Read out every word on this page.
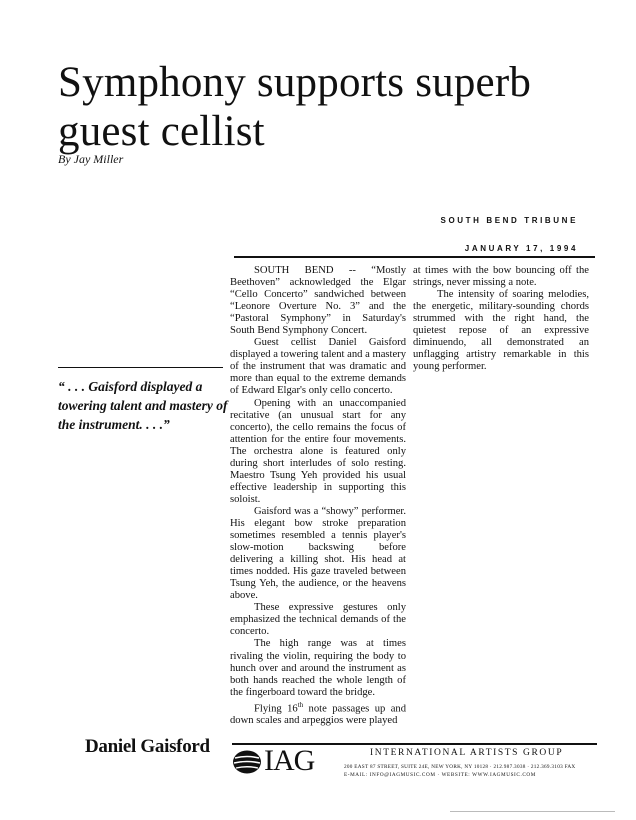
Symphony supports superb guest cellist
By Jay Miller
SOUTH BEND TRIBUNE
JANUARY 17, 1994
“ . . . Gaisford displayed a towering talent and mastery of the instrument. . . .”

SOUTH BEND -- “Mostly Beethoven” acknowledged the Elgar “Cello Concerto” sandwiched between “Leonore Overture No. 3” and the “Pastoral Symphony” in Saturday's South Bend Symphony Concert.

Guest cellist Daniel Gaisford displayed a towering talent and a mastery of the instrument that was dramatic and more than equal to the extreme demands of Edward Elgar's only cello concerto.

Opening with an unaccompanied recitative (an unusual start for any concerto), the cello remains the focus of attention for the entire four movements. The orchestra alone is featured only during short interludes of solo resting. Maestro Tsung Yeh provided his usual effective leadership in supporting this soloist.

Gaisford was a “showy” performer. His elegant bow stroke preparation sometimes resembled a tennis player's slow-motion backswing before delivering a killing shot. His head at times nodded. His gaze traveled between Tsung Yeh, the audience, or the heavens above.

These expressive gestures only emphasized the technical demands of the concerto.

The high range was at times rivaling the violin, requiring the body to hunch over and around the instrument as both hands reached the whole length of the fingerboard toward the bridge.

Flying 16th note passages up and down scales and arpeggios were played

at times with the bow bouncing off the strings, never missing a note.

The intensity of soaring melodies, the energetic, military-sounding chords strummed with the right hand, the quietest repose of an expressive diminuendo, all demonstrated an unflagging artistry remarkable in this young performer.

Daniel Gaisford IAG	INTERNATIONAL ARTISTS GROUP
200 EAST 87 STREET, SUITE 24E, NEW YORK, NY 10128 · 212.987.3038 · 212.369.3103 FAX
E-MAIL: INFO@IAGMUSIC.COM · WEBSITE: WWW.IAGMUSIC.COM
